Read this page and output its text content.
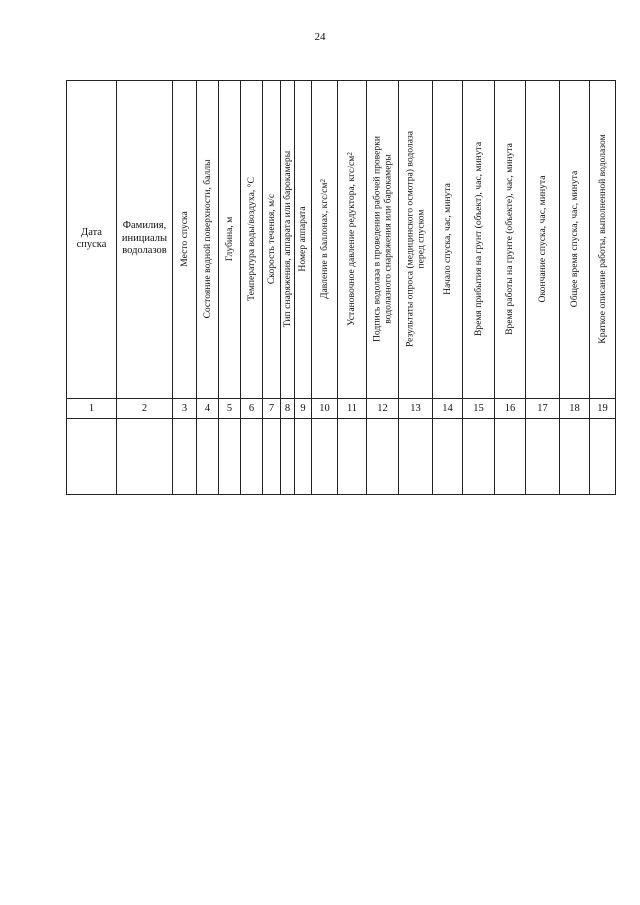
24
Дата спуска
1
Фамилия, инициалы водолазов
2
Место спуска
3
Состояние водной поверхности, баллы
4
Глубина, м
5
Температура воды/воздуха, °С
6
Скорость течения, м/с
7
Тип снаряжения, аппарата или барокамеры
8
Номер аппарата
9
Давление в баллонах, кгс/$см^2$
10
Установочное давление редуктора, кгс/$см^2$
11
Подпись водолаза в проведении рабочей проверки водолазного снаряжения или барокамеры
12
Результаты опроса (медицинского осмотра) водолаза перед спуском
13
Начало спуска, час, минута
14
Время прибытия на грунт (объект), час, минута
15
Время работы на грунте (объекте), час, минута
16
Окончание спуска, час, минута
17
Общее время спуска, час, минута
18
Краткое описание работы, выполненной водолазом
19
